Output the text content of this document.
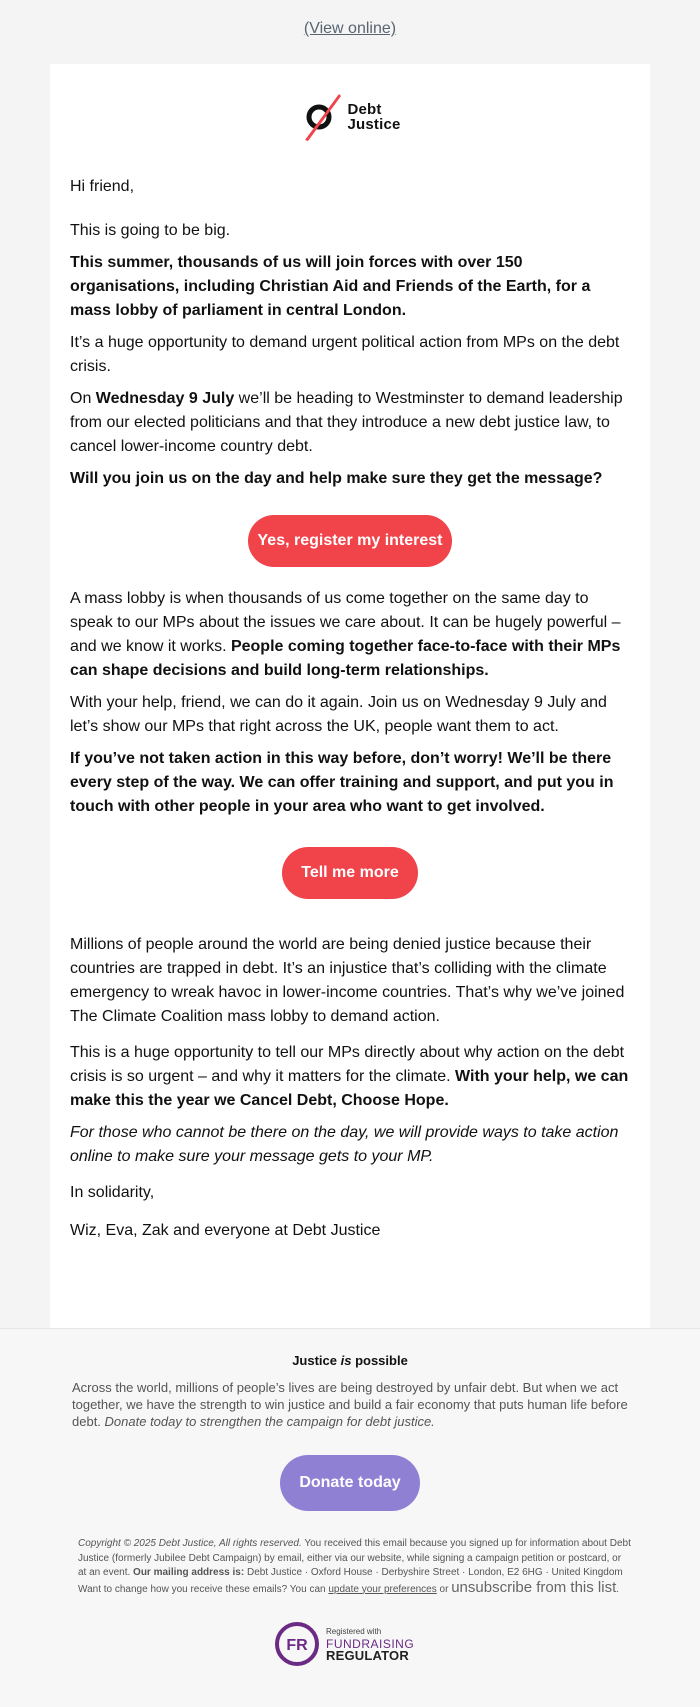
(View online)
Debt
Justice

Hi friend,

This is going to be big.

This summer, thousands of us will join forces with over 150 organisations, including Christian Aid and Friends of the Earth, for a mass lobby of parliament in central London.

It’s a huge opportunity to demand urgent political action from MPs on the debt crisis.

On Wednesday 9 July we’ll be heading to Westminster to demand leadership from our elected politicians and that they introduce a new debt justice law, to cancel lower-income country debt.

Will you join us on the day and help make sure they get the message?

Yes, register my interest

A mass lobby is when thousands of us come together on the same day to speak to our MPs about the issues we care about. It can be hugely powerful – and we know it works. People coming together face-to-face with their MPs can shape decisions and build long-term relationships.

With your help, friend, we can do it again. Join us on Wednesday 9 July and let’s show our MPs that right across the UK, people want them to act.

If you’ve not taken action in this way before, don’t worry! We’ll be there every step of the way. We can offer training and support, and put you in touch with other people in your area who want to get involved.

Tell me more

Millions of people around the world are being denied justice because their countries are trapped in debt. It’s an injustice that’s colliding with the climate emergency to wreak havoc in lower-income countries. That’s why we’ve joined The Climate Coalition mass lobby to demand action.

This is a huge opportunity to tell our MPs directly about why action on the debt crisis is so urgent – and why it matters for the climate. With your help, we can make this the year we Cancel Debt, Choose Hope.

For those who cannot be there on the day, we will provide ways to take action online to make sure your message gets to your MP.

In solidarity,

Wiz, Eva, Zak and everyone at Debt Justice

Justice is possible
Across the world, millions of people’s lives are being destroyed by unfair debt. But when we act together, we have the strength to win justice and build a fair economy that puts human life before debt. Donate today to strengthen the campaign for debt justice.
Donate today
Copyright © 2025 Debt Justice, All rights reserved. You received this email because you signed up for information about Debt Justice (formerly Jubilee Debt Campaign) by email, either via our website, while signing a campaign petition or postcard, or at an event. Our mailing address is: Debt Justice · Oxford House · Derbyshire Street · London, E2 6HG · United Kingdom Want to change how you receive these emails? You can update your preferences or unsubscribe from this list.
FR
Registered with
FUNDRAISING
REGULATOR
